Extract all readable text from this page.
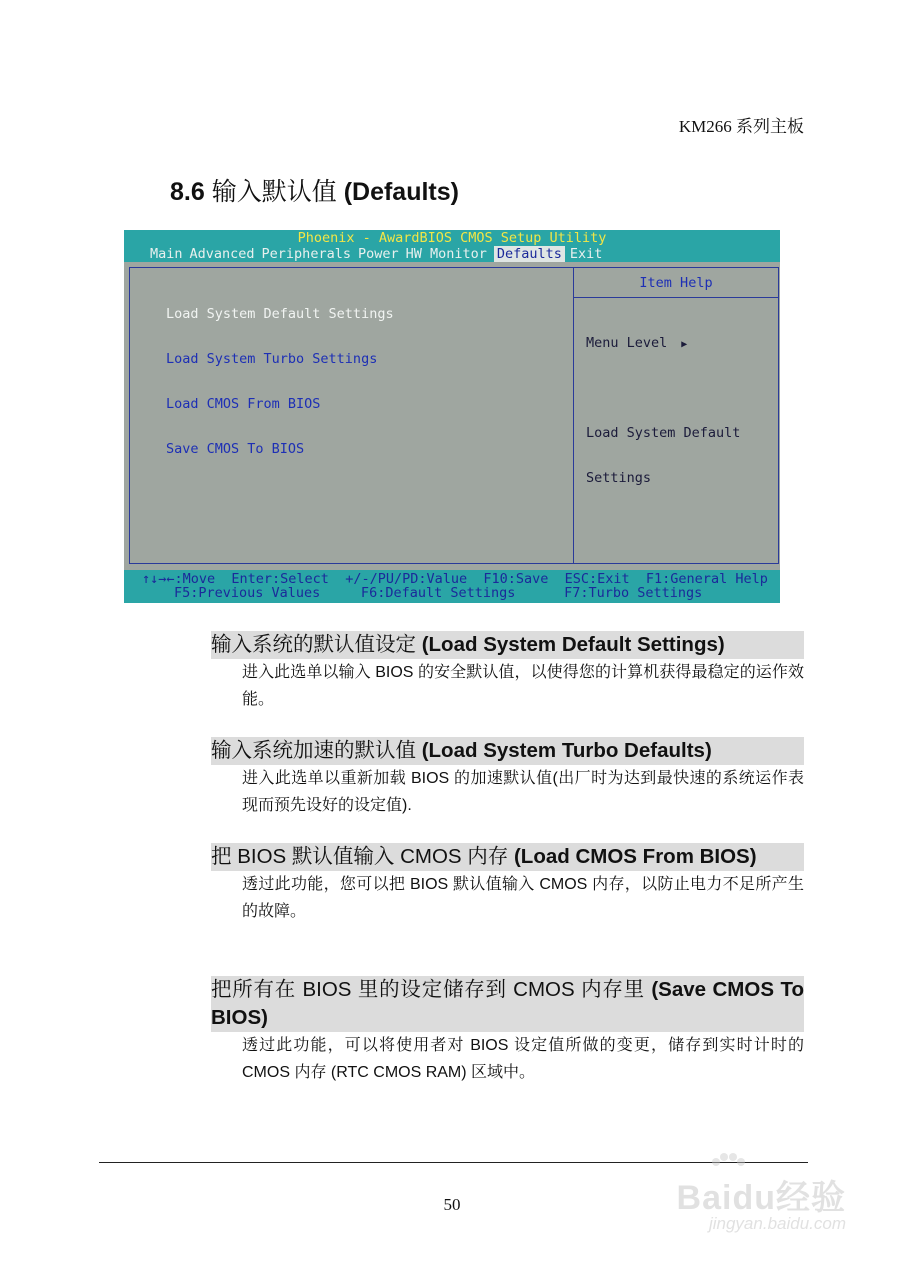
KM266 系列主板
8.6 输入默认值 (Defaults)
Phoenix - AwardBIOS CMOS Setup Utility
Main Advanced Peripherals Power HW Monitor Defaults Exit

Load System Default Settings

Load System Turbo Settings

Load CMOS From BIOS

Save CMOS To BIOS

Item Help

Menu Level ▶

Load System Default

Settings

↑↓→←:Move  Enter:Select  +/-/PU/PD:Value  F10:Save  ESC:Exit  F1:General Help

F5:Previous Values     F6:Default Settings      F7:Turbo Settings

输入系统的默认值设定 (Load System Default Settings)
进入此选单以输入 BIOS 的安全默认值，以使得您的计算机获得最稳定的运作效能。
输入系统加速的默认值 (Load System Turbo Defaults)
进入此选单以重新加载 BIOS 的加速默认值(出厂时为达到最快速的系统运作表现而预先设好的设定值).
把 BIOS 默认值输入 CMOS 内存 (Load CMOS From BIOS)
透过此功能，您可以把 BIOS 默认值输入 CMOS 内存，以防止电力不足所产生的故障。
把所有在 BIOS 里的设定储存到 CMOS 内存里 (Save CMOS To BIOS)
透过此功能，可以将使用者对 BIOS 设定值所做的变更，储存到实时计时的 CMOS 内存 (RTC CMOS RAM) 区域中。
50	Baidu经验
jingyan.baidu.com
